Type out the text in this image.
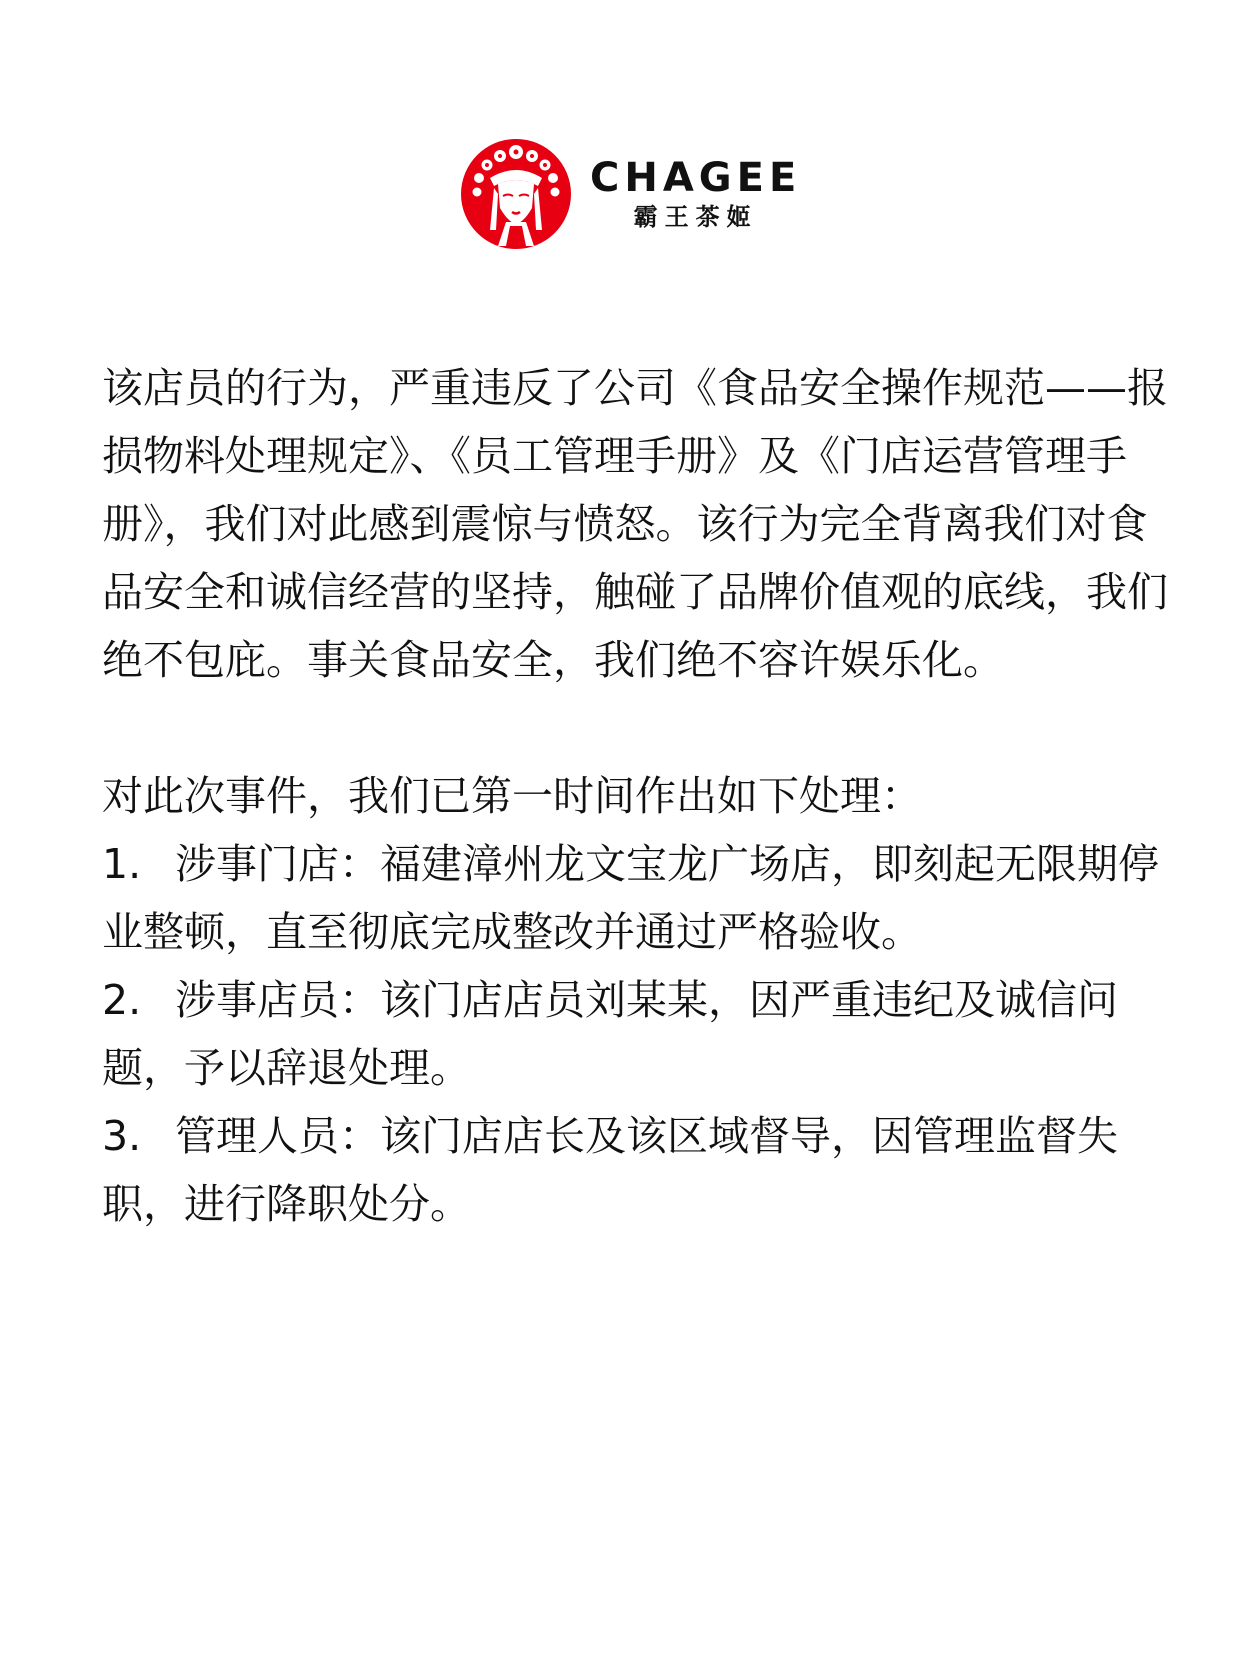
CHAGEE
霸王茶姬

该店员的行为，严重违反了公司《食品安全操作规范——报损物料处理规定》、《员工管理手册》及《门店运营管理手册》，我们对此感到震惊与愤怒。该行为完全背离我们对食品安全和诚信经营的坚持，触碰了品牌价值观的底线，我们绝不包庇。事关食品安全，我们绝不容许娱乐化。

对此次事件，我们已第一时间作出如下处理：

1. 涉事门店：福建漳州龙文宝龙广场店，即刻起无限期停业整顿，直至彻底完成整改并通过严格验收。

2. 涉事店员：该门店店员刘某某，因严重违纪及诚信问题，予以辞退处理。

3. 管理人员：该门店店长及该区域督导，因管理监督失职，进行降职处分。
